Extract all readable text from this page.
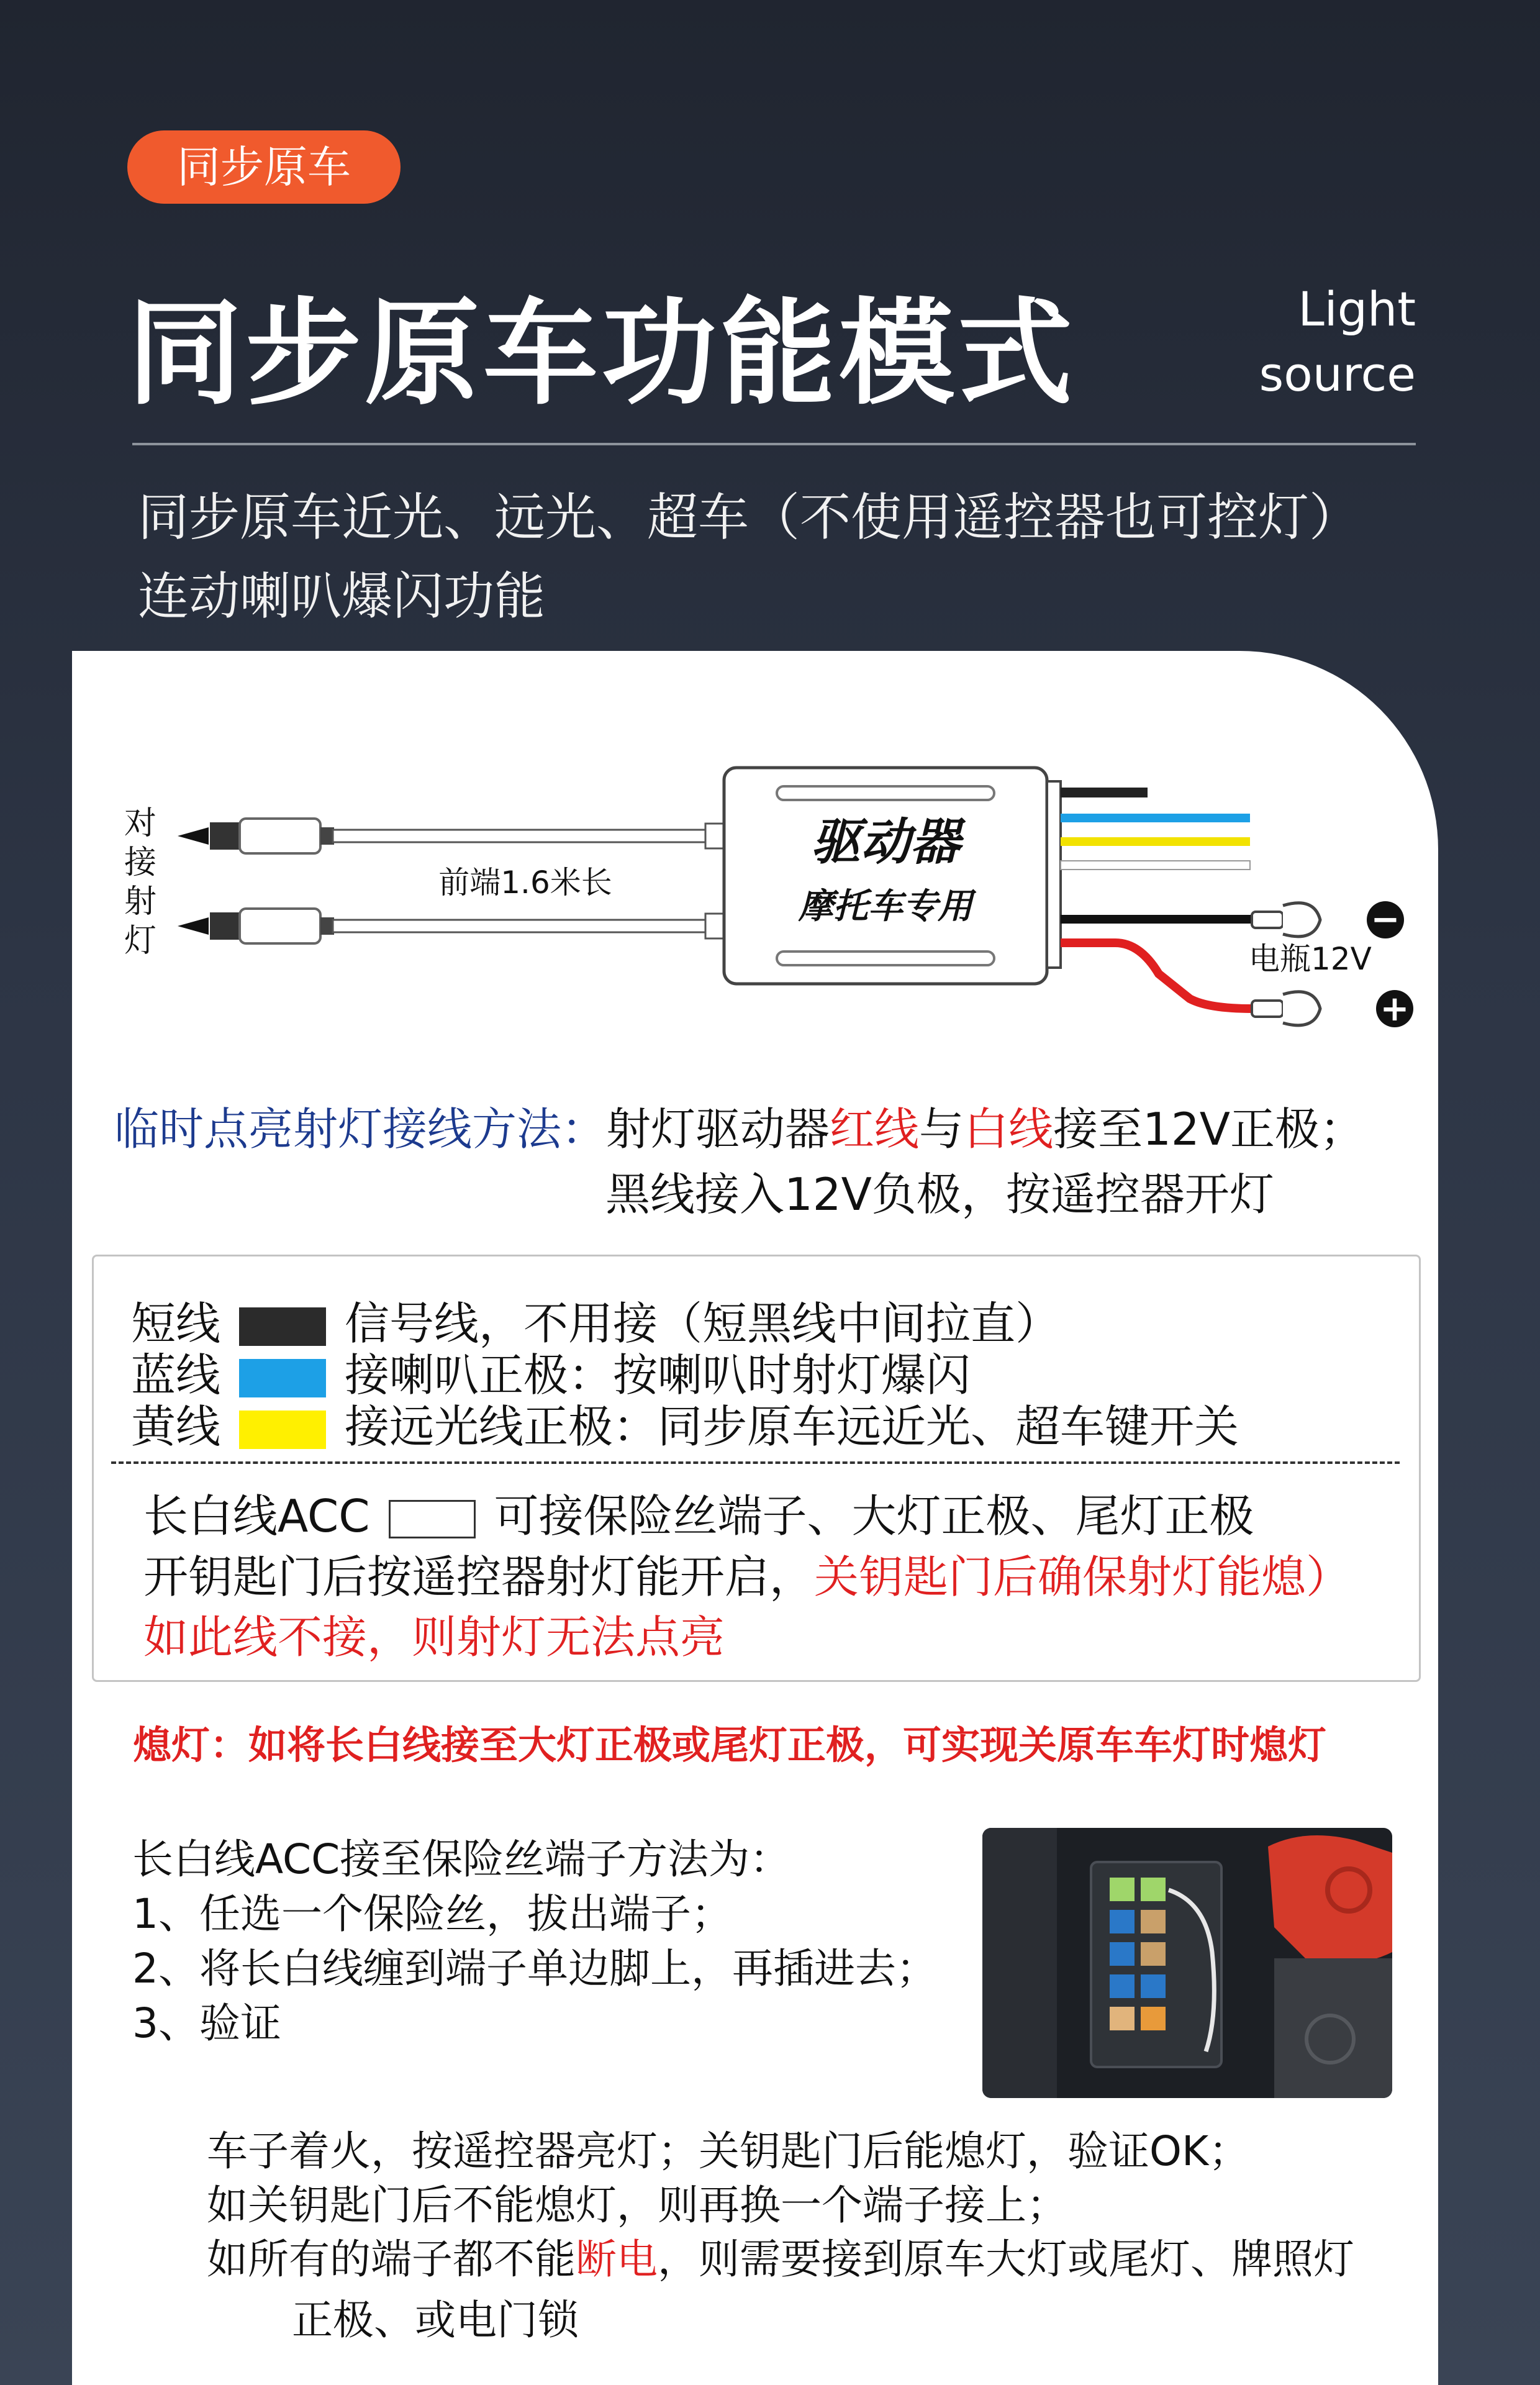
同步原车
同步原车功能模式	Light
source
同步原车近光、远光、超车（不使用遥控器也可控灯）
连动喇叭爆闪功能
对
接
射
灯
前端1.6米长
驱动器
摩托车专用	−
+
电瓶12V
临时点亮射灯接线方法：射灯驱动器红线与白线接至12V正极；
黑线接入12V负极，按遥控器开灯
短线	信号线，不用接（短黑线中间拉直）
蓝线	接喇叭正极：按喇叭时射灯爆闪
黄线	接远光线正极：同步原车远近光、超车键开关
长白线ACC	可接保险丝端子、大灯正极、尾灯正极
开钥匙门后按遥控器射灯能开启，关钥匙门后确保射灯能熄）
如此线不接，则射灯无法点亮
熄灯：如将长白线接至大灯正极或尾灯正极，可实现关原车车灯时熄灯
长白线ACC接至保险丝端子方法为：
1、任选一个保险丝，拔出端子；
2、将长白线缠到端子单边脚上，再插进去；
3、验证
车子着火，按遥控器亮灯；关钥匙门后能熄灯，验证OK；
如关钥匙门后不能熄灯，则再换一个端子接上；
如所有的端子都不能断电，则需要接到原车大灯或尾灯、牌照灯
正极、或电门锁
